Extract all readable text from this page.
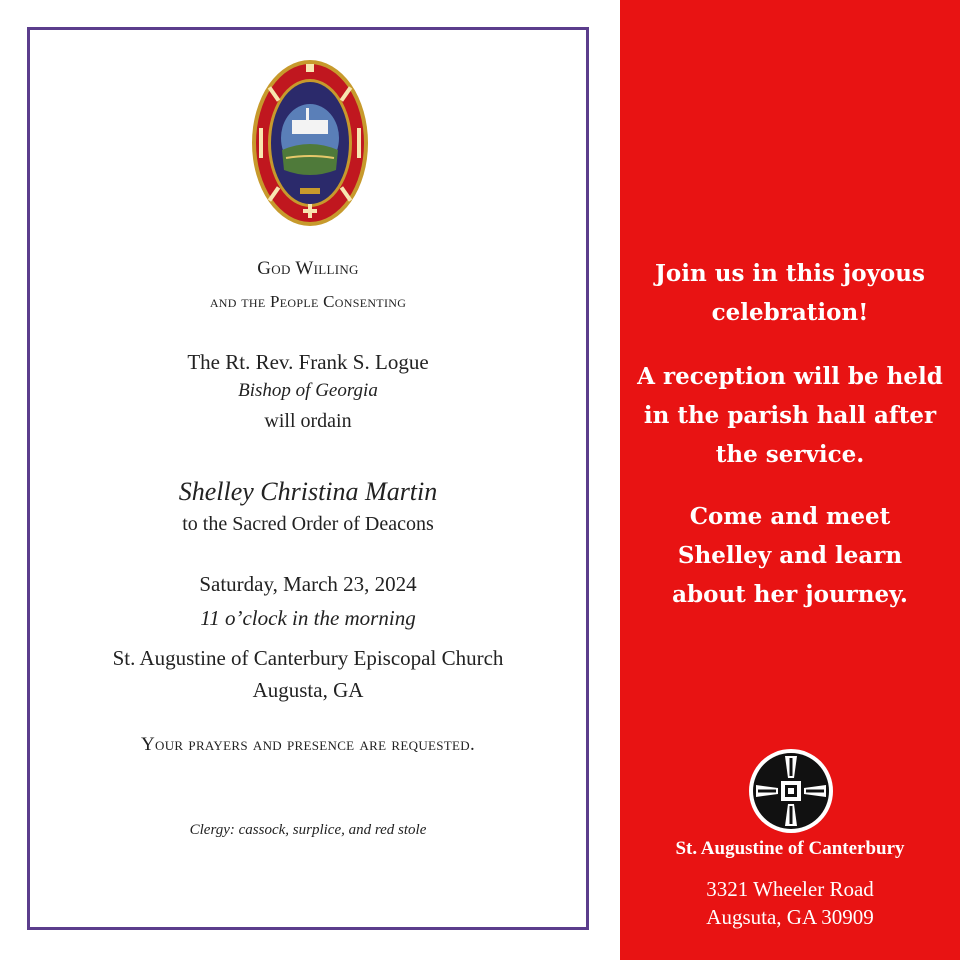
God Willing

and the People Consenting

The Rt. Rev. Frank S. Logue

Bishop of Georgia

will ordain

Shelley Christina Martin

to the Sacred Order of Deacons

Saturday, March 23, 2024

11 o’clock in the morning

St. Augustine of Canterbury Episcopal Church

Augusta, GA

Your prayers and presence are requested.

Clergy: cassock, surplice, and red stole

Join us in this joyous celebration!

A reception will be held in the parish hall after the service.

Come and meet Shelley and learn about her journey.

St. Augustine of Canterbury

3321 Wheeler Road

Augsuta, GA 30909
